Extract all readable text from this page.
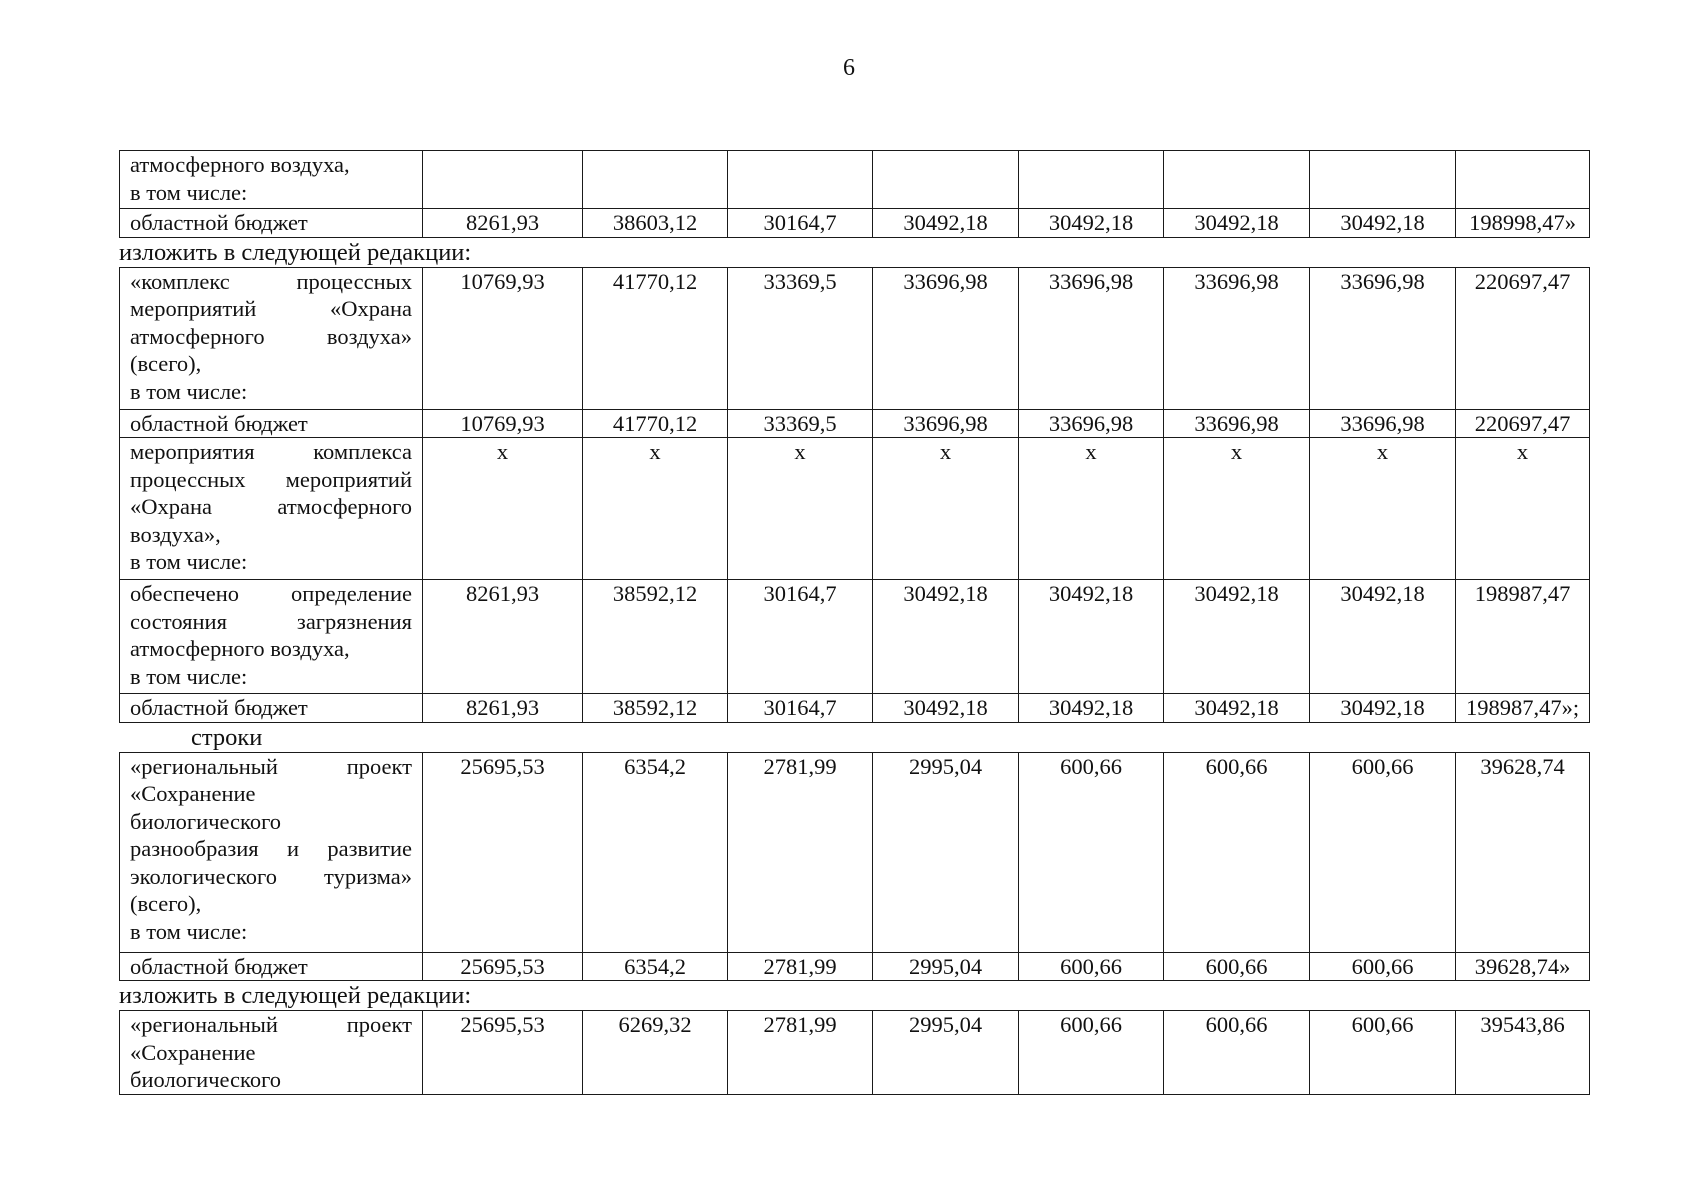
6
атмосферного воздуха,
в том числе:								

областной бюджет	8261,93	38603,12	30164,7	30492,18	30492,18	30492,18	30492,18	198998,47»

изложить в следующей редакции:

«комплекс процессных мероприятий «Охрана атмосферного воздуха» (всего),
в том числе:	10769,93	41770,12	33369,5	33696,98	33696,98	33696,98	33696,98	220697,47

областной бюджет	10769,93	41770,12	33369,5	33696,98	33696,98	33696,98	33696,98	220697,47

мероприятия комплекса процессных мероприятий «Охрана атмосферного воздуха»,
в том числе:	х	х	х	х	х	х	х	х

обеспечено определение состояния загрязнения атмосферного воздуха,
в том числе:	8261,93	38592,12	30164,7	30492,18	30492,18	30492,18	30492,18	198987,47

областной бюджет	8261,93	38592,12	30164,7	30492,18	30492,18	30492,18	30492,18	198987,47»;

строки

«региональный проект «Сохранение биологического разнообразия и развитие экологического туризма» (всего),
в том числе:	25695,53	6354,2	2781,99	2995,04	600,66	600,66	600,66	39628,74

областной бюджет	25695,53	6354,2	2781,99	2995,04	600,66	600,66	600,66	39628,74»

изложить в следующей редакции:

«региональный проект «Сохранение биологического
	25695,53	6269,32	2781,99	2995,04	600,66	600,66	600,66	39543,86
